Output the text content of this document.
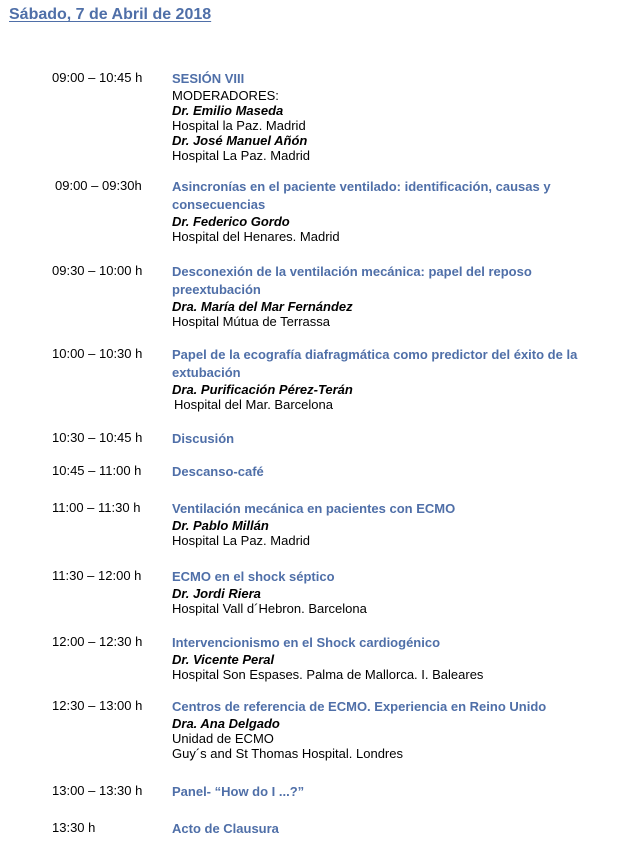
Sábado, 7 de Abril de 2018
09:00 – 10:45 h SESIÓN VIII
MODERADORES:
Dr. Emilio Maseda
Hospital la Paz. Madrid
Dr. José Manuel Añón
Hospital La Paz. Madrid
09:00 – 09:30h Asincronías en el paciente ventilado: identificación, causas y consecuencias
Dr. Federico Gordo
Hospital del Henares. Madrid
09:30 – 10:00 h Desconexión de la ventilación mecánica: papel del reposo preextubación
Dra. María del Mar Fernández
Hospital Mútua de Terrassa
10:00 – 10:30 h Papel de la ecografía diafragmática como predictor del éxito de la extubación
Dra. Purificación Pérez-Terán
Hospital del Mar. Barcelona
10:30 – 10:45 h Discusión
10:45 – 11:00 h Descanso-café
11:00 – 11:30 h Ventilación mecánica en pacientes con ECMO
Dr. Pablo Millán
Hospital La Paz. Madrid
11:30 – 12:00 h ECMO en el shock séptico
Dr. Jordi Riera
Hospital Vall d´Hebron. Barcelona
12:00 – 12:30 h Intervencionismo en el Shock cardiogénico
Dr. Vicente Peral
Hospital Son Espases. Palma de Mallorca. I. Baleares
12:30 – 13:00 h Centros de referencia de ECMO. Experiencia en Reino Unido
Dra. Ana Delgado
Unidad de ECMO
Guy´s and St Thomas Hospital. Londres
13:00 – 13:30 h Panel- “How do I ...?”
13:30 h	Acto de Clausura
